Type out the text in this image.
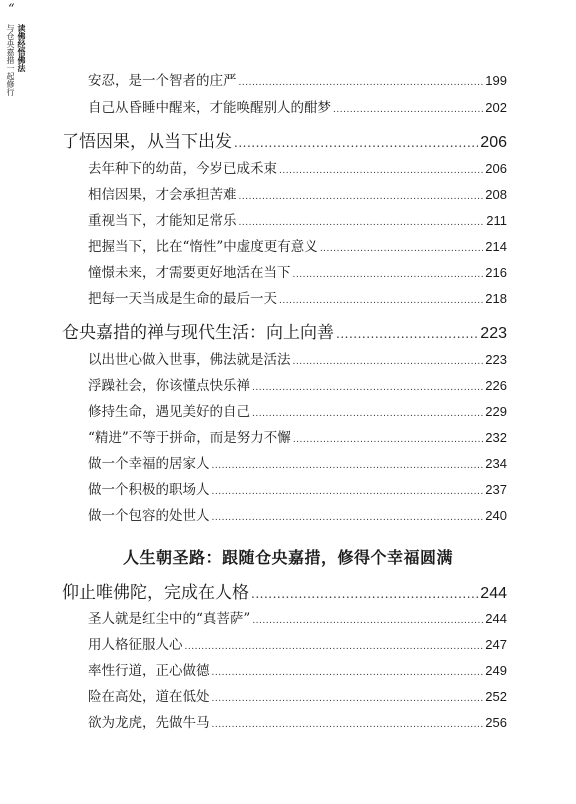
“
读佛经悟佛法
与仓央嘉措一起修行	安忍，是一个智者的庄严 .....	199
自己从昏睡中醒来，才能唤醒别人的酣梦 .....	202
了悟因果，从当下出发 .....	206
去年种下的幼苗，今岁已成禾束 .....	206
相信因果，才会承担苦难 .....	208
重视当下，才能知足常乐 .....	211
把握当下，比在“惰性”中虚度更有意义 .....	214
憧憬未来，才需要更好地活在当下 .....	216
把每一天当成是生命的最后一天 .....	218
仓央嘉措的禅与现代生活：向上向善 .....	223
以出世心做入世事，佛法就是活法 .....	223
浮躁社会，你该懂点快乐禅 .....	226
修持生命，遇见美好的自己 .....	229
“精进”不等于拼命，而是努力不懈 .....	232
做一个幸福的居家人 .....	234
做一个积极的职场人 .....	237
做一个包容的处世人 .....	240
人生朝圣路：跟随仓央嘉措，修得个幸福圆满
仰止唯佛陀，完成在人格 .....	244
圣人就是红尘中的“真菩萨” .....	244
用人格征服人心 .....	247
率性行道，正心做德 .....	249
险在高处，道在低处 .....	252
欲为龙虎，先做牛马 .....	256
